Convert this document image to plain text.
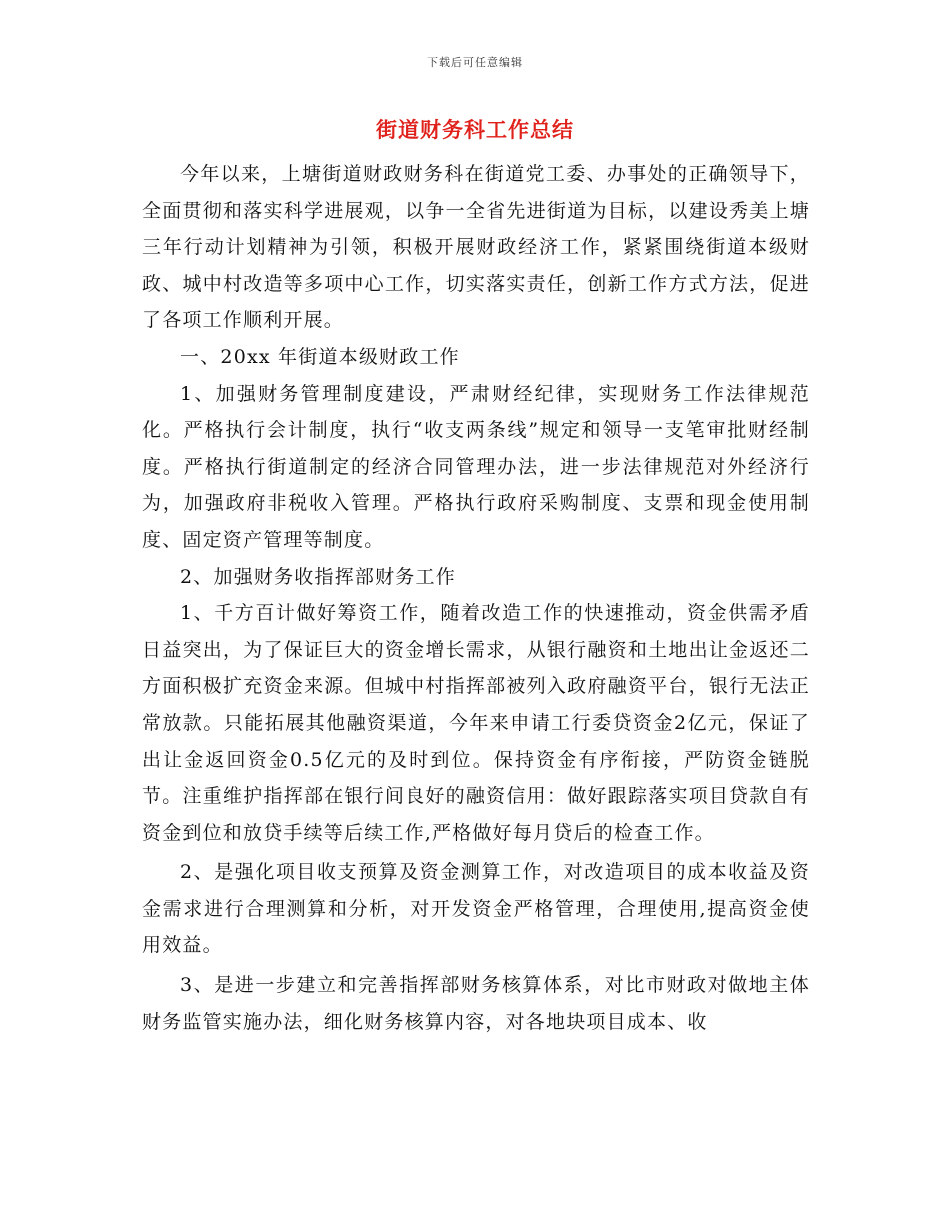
下载后可任意编辑
街道财务科工作总结

今年以来，上塘街道财政财务科在街道党工委、办事处的正确领导下，全面贯彻和落实科学进展观，以争一全省先进街道为目标，以建设秀美上塘三年行动计划精神为引领，积极开展财政经济工作，紧紧围绕街道本级财政、城中村改造等多项中心工作，切实落实责任，创新工作方式方法，促进了各项工作顺利开展。

一、20xx 年街道本级财政工作

1、加强财务管理制度建设，严肃财经纪律，实现财务工作法律规范化。严格执行会计制度，执行“收支两条线”规定和领导一支笔审批财经制度。严格执行街道制定的经济合同管理办法，进一步法律规范对外经济行为，加强政府非税收入管理。严格执行政府采购制度、支票和现金使用制度、固定资产管理等制度。

2、加强财务收指挥部财务工作

1、千方百计做好筹资工作，随着改造工作的快速推动，资金供需矛盾日益突出，为了保证巨大的资金增长需求，从银行融资和土地出让金返还二方面积极扩充资金来源。但城中村指挥部被列入政府融资平台，银行无法正常放款。只能拓展其他融资渠道，今年来申请工行委贷资金2亿元，保证了出让金返回资金0.5亿元的及时到位。保持资金有序衔接，严防资金链脱节。注重维护指挥部在银行间良好的融资信用：做好跟踪落实项目贷款自有资金到位和放贷手续等后续工作,严格做好每月贷后的检查工作。

2、是强化项目收支预算及资金测算工作，对改造项目的成本收益及资金需求进行合理测算和分析，对开发资金严格管理，合理使用,提高资金使用效益。

3、是进一步建立和完善指挥部财务核算体系，对比市财政对做地主体财务监管实施办法，细化财务核算内容，对各地块项目成本、收
